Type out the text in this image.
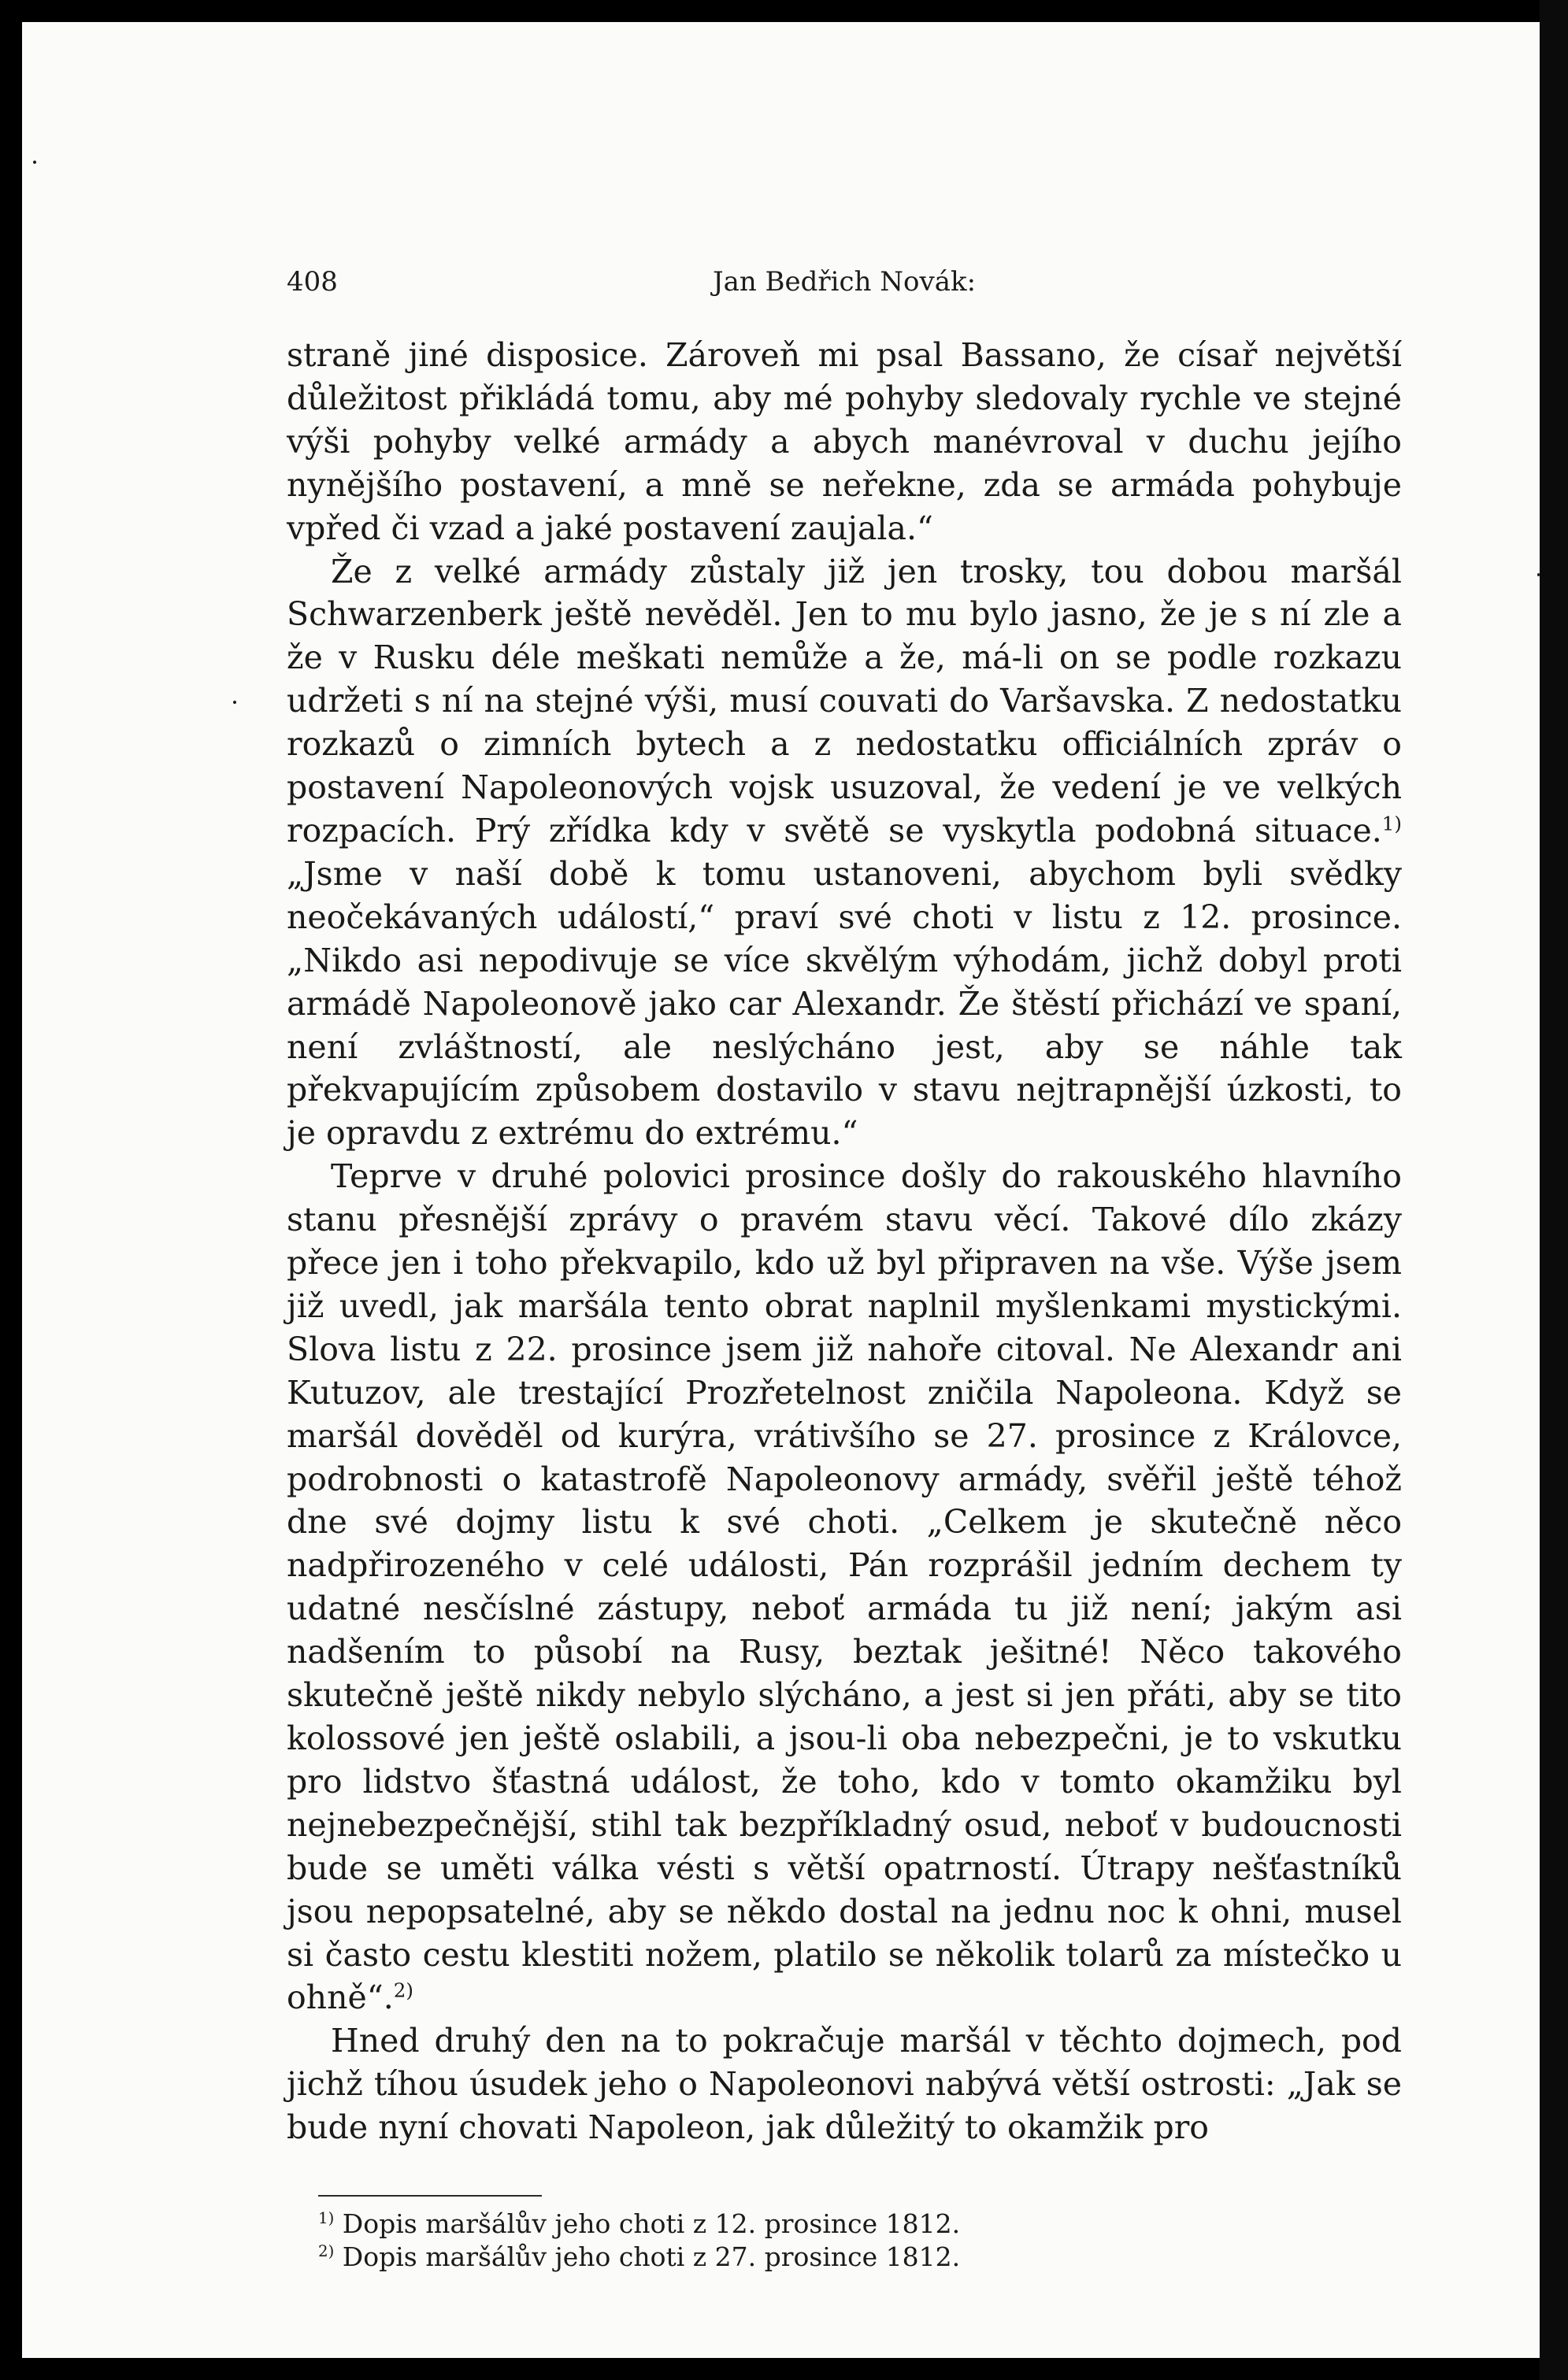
408	Jan Bedřich Novák:

straně jiné disposice. Zároveň mi psal Bassano, že císař největší důležitost přikládá tomu, aby mé pohyby sledovaly rychle ve stejné výši pohyby velké armády a abych manévroval v duchu jejího nynějšího postavení, a mně se neřekne, zda se armáda pohybuje vpřed či vzad a jaké postavení zaujala.“

Že z velké armády zůstaly již jen trosky, tou dobou maršál Schwarzenberk ještě nevěděl. Jen to mu bylo jasno, že je s ní zle a že v Rusku déle meškati nemůže a že, má-li on se podle rozkazu udržeti s ní na stejné výši, musí couvati do Varšavska. Z nedostatku rozkazů o zimních bytech a z nedostatku officiálních zpráv o postavení Napoleonových vojsk usuzoval, že vedení je ve velkých rozpacích. Prý zřídka kdy v světě se vyskytla podobná situace.$^{1)}$ „Jsme v naší době k tomu ustanoveni, abychom byli svědky neočekávaných událostí,“ praví své choti v listu z 12. prosince. „Nikdo asi nepodivuje se více skvělým výhodám, jichž dobyl proti armádě Napoleonově jako car Alexandr. Že štěstí přichází ve spaní, není zvláštností, ale neslýcháno jest, aby se náhle tak překvapujícím způsobem dostavilo v stavu nejtrapnější úzkosti, to je opravdu z extrému do extrému.“

Teprve v druhé polovici prosince došly do rakouského hlavního stanu přesnější zprávy o pravém stavu věcí. Takové dílo zkázy přece jen i toho překvapilo, kdo už byl připraven na vše. Výše jsem již uvedl, jak maršála tento obrat naplnil myšlenkami mystickými. Slova listu z 22. prosince jsem již nahoře citoval. Ne Alexandr ani Kutuzov, ale trestající Prozřetelnost zničila Napoleona. Když se maršál dověděl od kurýra, vrátivšího se 27. prosince z Královce, podrobnosti o katastrofě Napoleonovy armády, svěřil ještě téhož dne své dojmy listu k své choti. „Celkem je skutečně něco nadpřirozeného v celé události, Pán rozprášil jedním dechem ty udatné nesčíslné zástupy, neboť armáda tu již není; jakým asi nadšením to působí na Rusy, beztak ješitné! Něco takového skutečně ještě nikdy nebylo slýcháno, a jest si jen přáti, aby se tito kolossové jen ještě oslabili, a jsou-li oba nebezpečni, je to vskutku pro lidstvo šťastná událost, že toho, kdo v tomto okamžiku byl nejnebezpečnější, stihl tak bezpříkladný osud, neboť v budoucnosti bude se uměti válka vésti s větší opatrností. Útrapy nešťastníků jsou nepopsatelné, aby se někdo dostal na jednu noc k ohni, musel si často cestu klestiti nožem, platilo se několik tolarů za místečko u ohně“.$^{2)}$

Hned druhý den na to pokračuje maršál v těchto dojmech, pod jichž tíhou úsudek jeho o Napoleonovi nabývá větší ostrosti: „Jak se bude nyní chovati Napoleon, jak důležitý to okamžik pro

$^{1)}$ Dopis maršálův jeho choti z 12. prosince 1812.

$^{2)}$ Dopis maršálův jeho choti z 27. prosince 1812.
